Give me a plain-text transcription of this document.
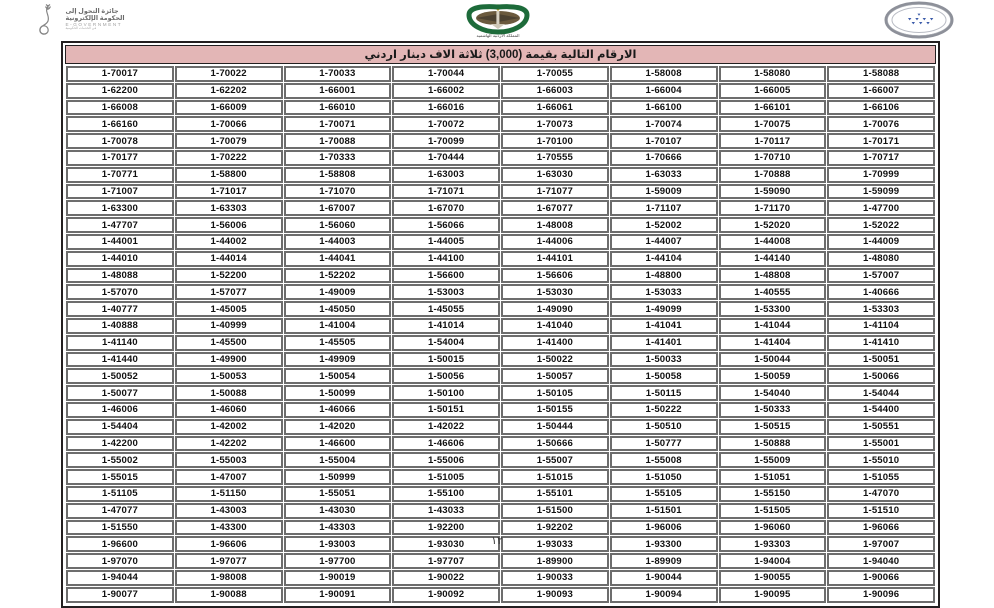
جائزة التحول إلى
الحكومة الإلكترونية
E-GOVERNMENT
في الخدمات الحكومية
المملكة الأردنية الهاشمية
الارقام التالية بقيمة (3,000) ثلاثة الاف دينار اردني
1-58088	1-58080	1-58008	1-70055	1-70044	1-70033	1-70022	1-70017
1-66007	1-66005	1-66004	1-66003	1-66002	1-66001	1-62202	1-62200
1-66106	1-66101	1-66100	1-66061	1-66016	1-66010	1-66009	1-66008
1-70076	1-70075	1-70074	1-70073	1-70072	1-70071	1-70066	1-66160
1-70171	1-70117	1-70107	1-70100	1-70099	1-70088	1-70079	1-70078
1-70717	1-70710	1-70666	1-70555	1-70444	1-70333	1-70222	1-70177
1-70999	1-70888	1-63033	1-63030	1-63003	1-58808	1-58800	1-70771
1-59099	1-59090	1-59009	1-71077	1-71071	1-71070	1-71017	1-71007
1-47700	1-71170	1-71107	1-67077	1-67070	1-67007	1-63303	1-63300
1-52022	1-52020	1-52002	1-48008	1-56066	1-56060	1-56006	1-47707
1-44009	1-44008	1-44007	1-44006	1-44005	1-44003	1-44002	1-44001
1-48080	1-44140	1-44104	1-44101	1-44100	1-44041	1-44014	1-44010
1-57007	1-48808	1-48800	1-56606	1-56600	1-52202	1-52200	1-48088
1-40666	1-40555	1-53033	1-53030	1-53003	1-49009	1-57077	1-57070
1-53303	1-53300	1-49099	1-49090	1-45055	1-45050	1-45005	1-40777
1-41104	1-41044	1-41041	1-41040	1-41014	1-41004	1-40999	1-40888
1-41410	1-41404	1-41401	1-41400	1-54004	1-45505	1-45500	1-41140
1-50051	1-50044	1-50033	1-50022	1-50015	1-49909	1-49900	1-41440
1-50066	1-50059	1-50058	1-50057	1-50056	1-50054	1-50053	1-50052
1-54044	1-54040	1-50115	1-50105	1-50100	1-50099	1-50088	1-50077
1-54400	1-50333	1-50222	1-50155	1-50151	1-46066	1-46060	1-46006
1-50551	1-50515	1-50510	1-50444	1-42022	1-42020	1-42002	1-54404
1-55001	1-50888	1-50777	1-50666	1-46606	1-46600	1-42202	1-42200
1-55010	1-55009	1-55008	1-55007	1-55006	1-55004	1-55003	1-55002
1-51055	1-51051	1-51050	1-51015	1-51005	1-50999	1-47007	1-55015
1-47070	1-55150	1-55105	1-55101	1-55100	1-55051	1-51150	1-51105
1-51510	1-51505	1-51501	1-51500	1-43033	1-43030	1-43003	1-47077
1-96066	1-96060	1-96006	1-92202	1-92200	1-43303	1-43300	1-51550
1-97007	1-93303	1-93300	1-93033	1-93030	1-93003	1-96606	1-96600
1-94040	1-94004	1-89909	1-89900	1-97707	1-97700	1-97077	1-97070
1-90066	1-90055	1-90044	1-90033	1-90022	1-90019	1-98008	1-94044
1-90096	1-90095	1-90094	1-90093	1-90092	1-90091	1-90088	1-90077
١٢
